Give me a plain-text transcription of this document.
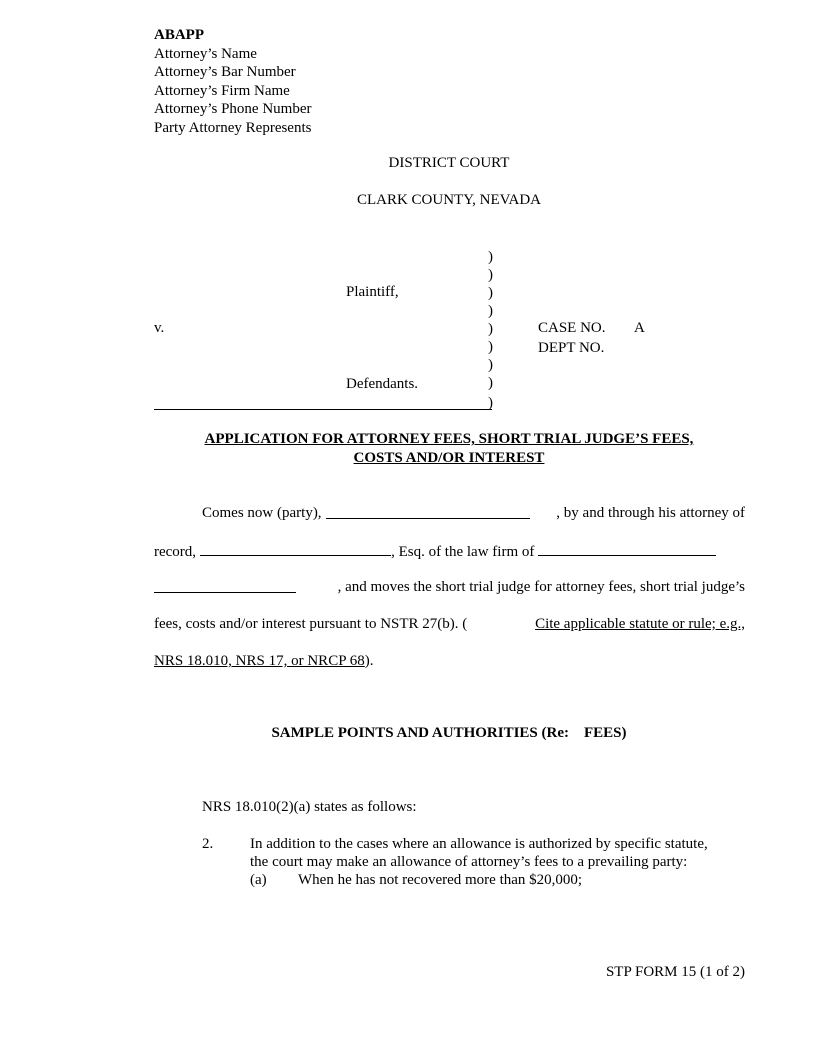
ABAPP
Attorney’s Name
Attorney’s Bar Number
Attorney’s Firm Name
Attorney’s Phone Number
Party Attorney Represents
DISTRICT COURT
CLARK COUNTY, NEVADA
)
)
)
)
)
)
)
)
)
Plaintiff,
v.
Defendants.
CASE NO. A
DEPT NO.
APPLICATION FOR ATTORNEY FEES, SHORT TRIAL JUDGE’S FEES,
COSTS AND/OR INTEREST
Comes now (party),	, by and through his attorney of
record,	, Esq. of the law firm of
, and moves the short trial judge for attorney fees, short trial judge’s
fees, costs and/or interest pursuant to NSTR 27(b). (	Cite applicable statute or rule; e.g.,
NRS 18.010, NRS 17, or NRCP 68).
SAMPLE POINTS AND AUTHORITIES (Re:    FEES)
NRS 18.010(2)(a) states as follows:
2. In addition to the cases where an allowance is authorized by specific statute,
the court may make an allowance of attorney’s fees to a prevailing party:
(a) When he has not recovered more than $20,000;
STP FORM 15 (1 of 2)
